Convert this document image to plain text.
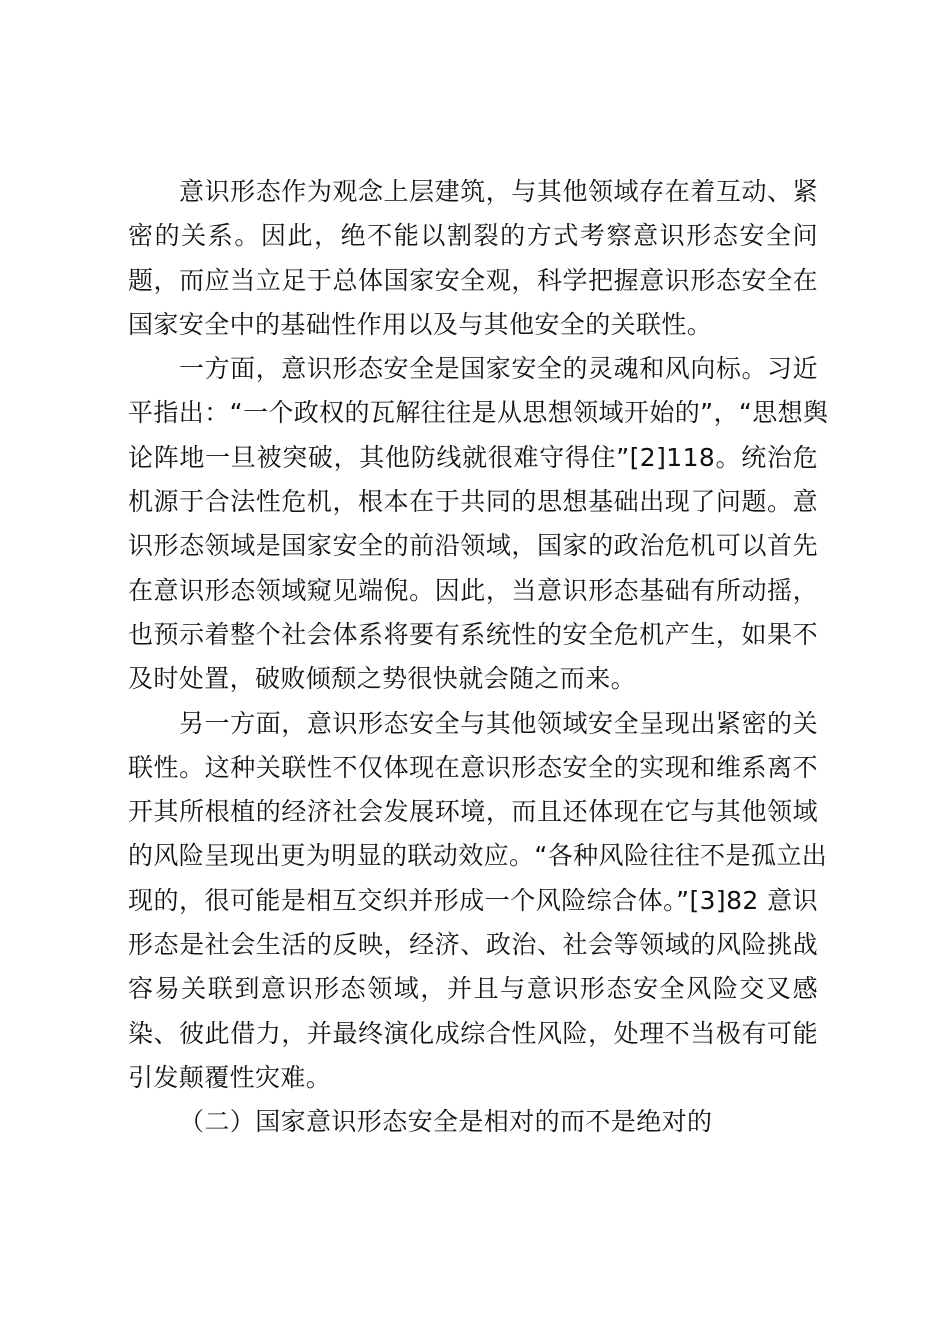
意识形态作为观念上层建筑，与其他领域存在着互动、紧
密的关系。因此，绝不能以割裂的方式考察意识形态安全问
题，而应当立足于总体国家安全观，科学把握意识形态安全在
国家安全中的基础性作用以及与其他安全的关联性。
一方面，意识形态安全是国家安全的灵魂和风向标。习近
平指出：“一个政权的瓦解往往是从思想领域开始的”，“思想舆
论阵地一旦被突破，其他防线就很难守得住”[2]118。统治危
机源于合法性危机，根本在于共同的思想基础出现了问题。意
识形态领域是国家安全的前沿领域，国家的政治危机可以首先
在意识形态领域窥见端倪。因此，当意识形态基础有所动摇，
也预示着整个社会体系将要有系统性的安全危机产生，如果不
及时处置，破败倾颓之势很快就会随之而来。
另一方面，意识形态安全与其他领域安全呈现出紧密的关
联性。这种关联性不仅体现在意识形态安全的实现和维系离不
开其所根植的经济社会发展环境，而且还体现在它与其他领域
的风险呈现出更为明显的联动效应。“各种风险往往不是孤立出
现的，很可能是相互交织并形成一个风险综合体。”[3]82 意识
形态是社会生活的反映，经济、政治、社会等领域的风险挑战
容易关联到意识形态领域，并且与意识形态安全风险交叉感
染、彼此借力，并最终演化成综合性风险，处理不当极有可能
引发颠覆性灾难。
（二）国家意识形态安全是相对的而不是绝对的
